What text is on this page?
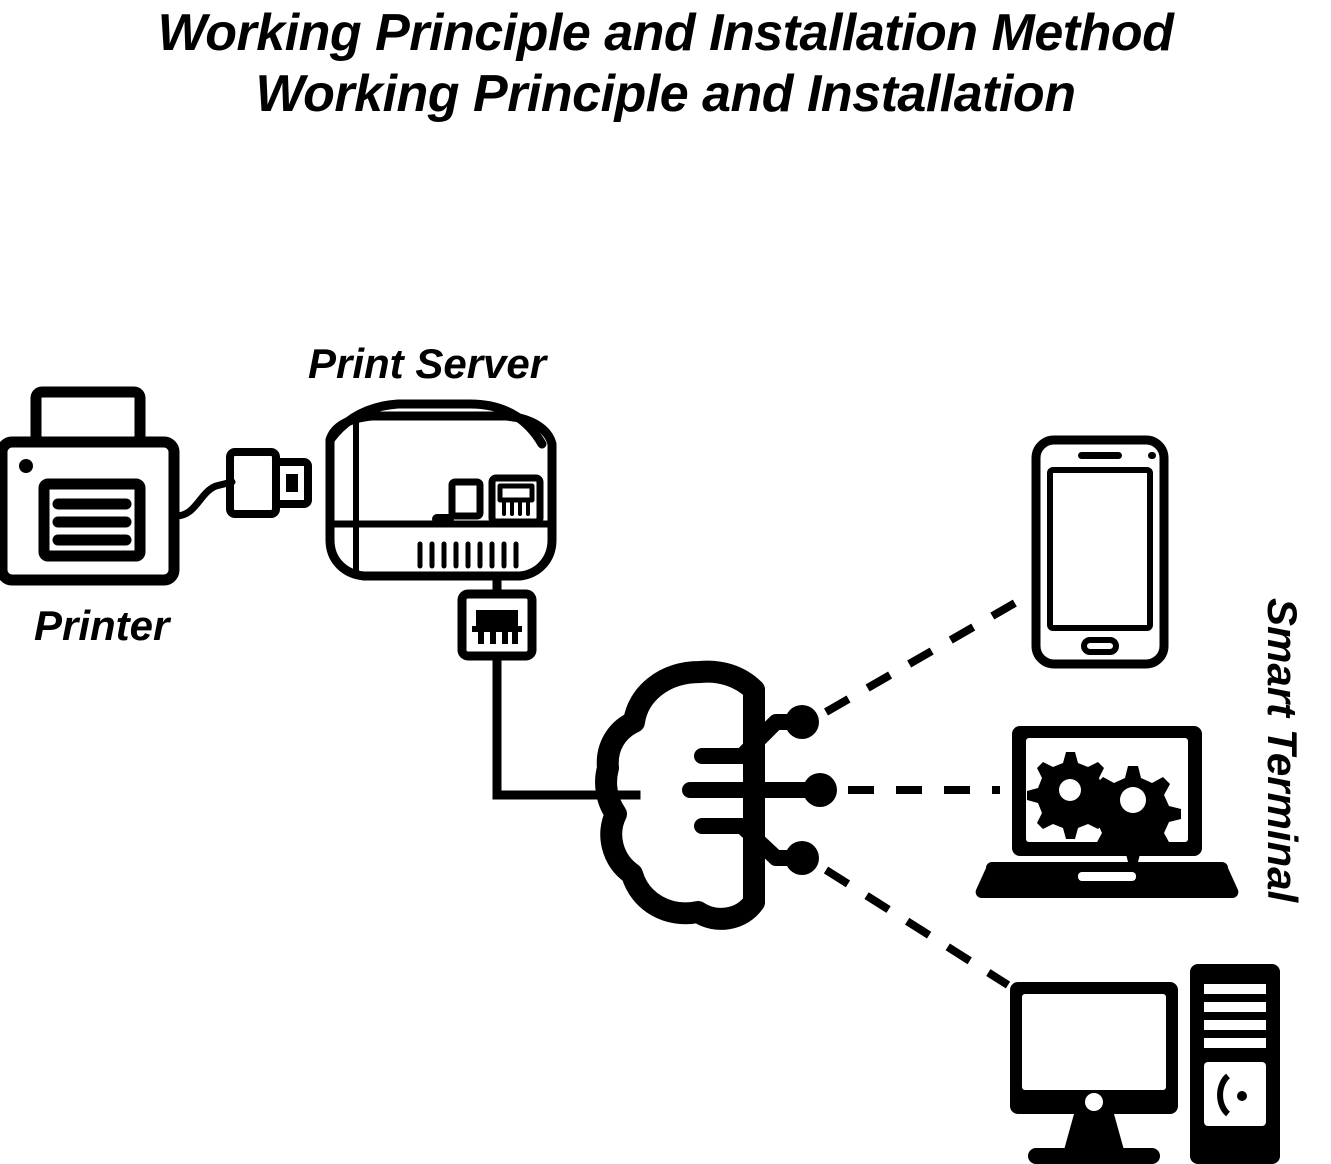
Working Principle and Installation Method
Working Principle and Installation
Print Server
Printer	Smart Terminal
